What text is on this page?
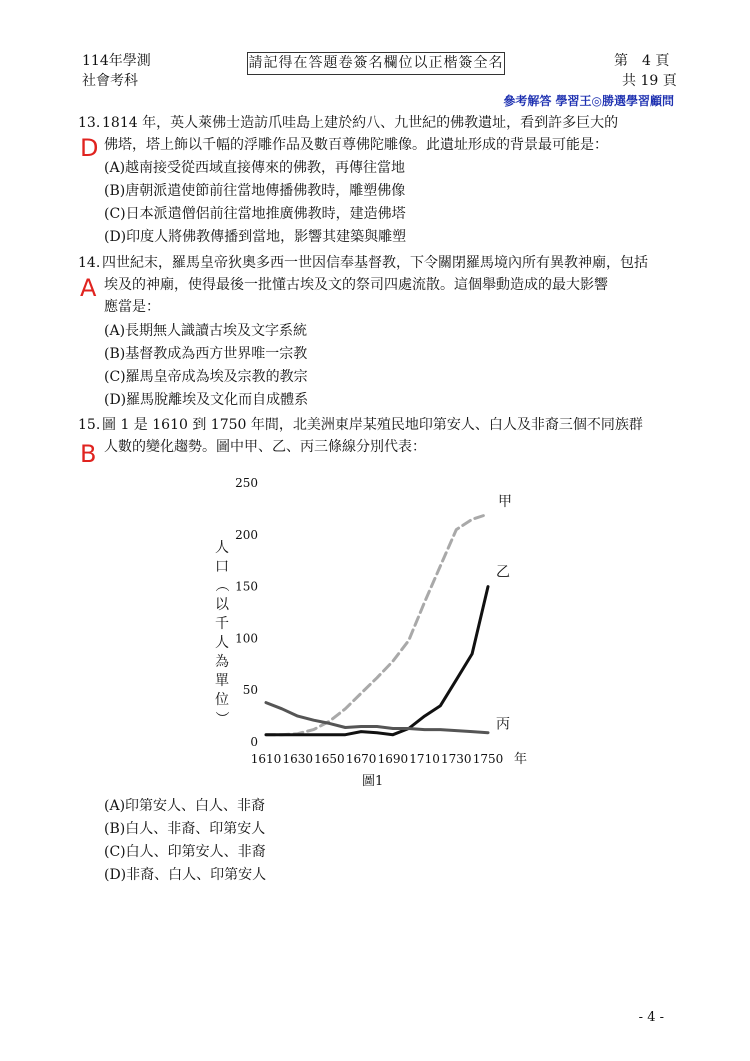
114年學測
社會考科
請記得在答題卷簽名欄位以正楷簽全名	第　4 頁
共 19 頁
參考解答 學習王◎勝選學習顧問
13. 1814 年，英人萊佛士造訪爪哇島上建於約八、九世紀的佛教遺址，看到許多巨大的
佛塔，塔上飾以千幅的浮雕作品及數百尊佛陀雕像。此遺址形成的背景最可能是：
D
(A)越南接受從西域直接傳來的佛教，再傳往當地
(B)唐朝派遣使節前往當地傳播佛教時，雕塑佛像
(C)日本派遣僧侶前往當地推廣佛教時，建造佛塔
(D)印度人將佛教傳播到當地，影響其建築與雕塑
14. 四世紀末，羅馬皇帝狄奧多西一世因信奉基督教，下令關閉羅馬境內所有異教神廟，包括
埃及的神廟，使得最後一批懂古埃及文的祭司四處流散。這個舉動造成的最大影響
應當是：
A
(A)長期無人識讀古埃及文字系統
(B)基督教成為西方世界唯一宗教
(C)羅馬皇帝成為埃及宗教的教宗
(D)羅馬脫離埃及文化而自成體系
15. 圖 1 是 1610 到 1750 年間，北美洲東岸某殖民地印第安人、白人及非裔三個不同族群
人數的變化趨勢。圖中甲、乙、丙三條線分別代表：
B
0
50
100
150
200
250
1610 1630 1650 1670 1690 1710 1730 1750 年
人
口
（
以
千
人
為
單
位
）
甲
乙
丙
圖1
(A)印第安人、白人、非裔
(B)白人、非裔、印第安人
(C)白人、印第安人、非裔
(D)非裔、白人、印第安人
- 4 -
